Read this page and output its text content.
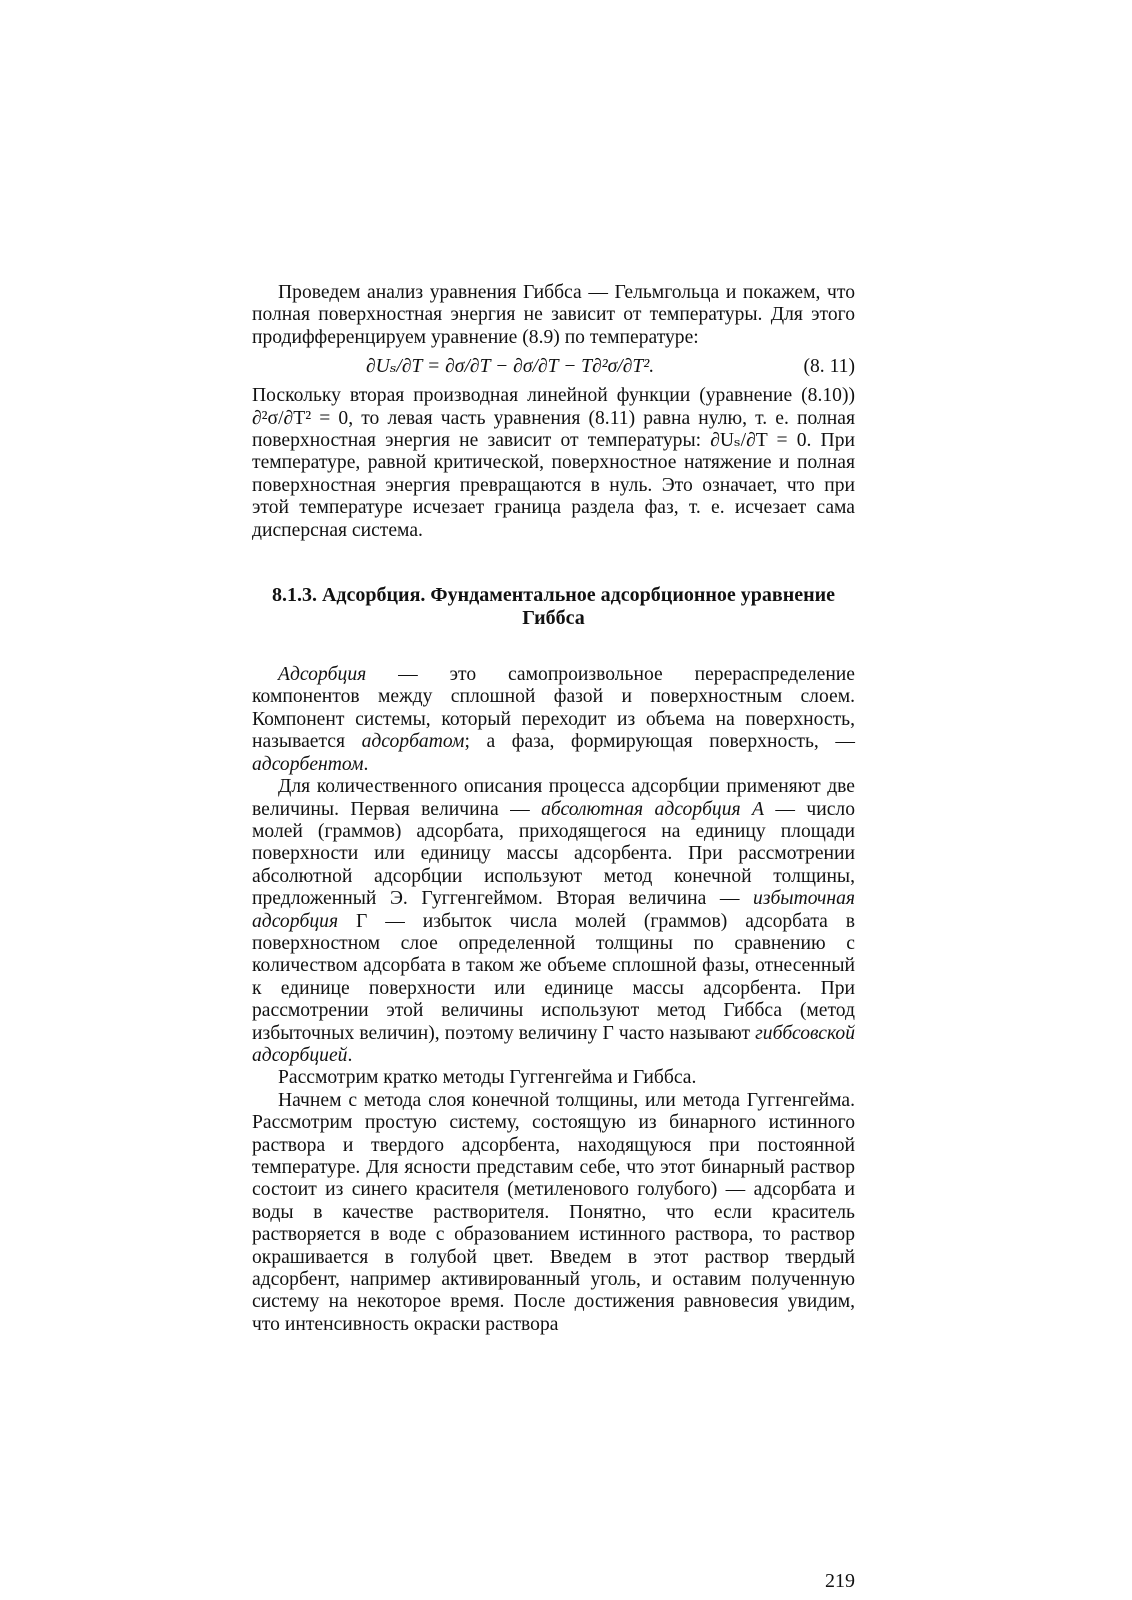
Проведем анализ уравнения Гиббса — Гельмгольца и покажем, что полная поверхностная энергия не зависит от температуры. Для этого продифференцируем уравнение (8.9) по температуре:

∂Uₛ/∂T = ∂σ/∂T − ∂σ/∂T − T∂²σ/∂T².	(8. 11)

Поскольку вторая производная линейной функции (уравнение (8.10)) ∂²σ/∂T² = 0, то левая часть уравнения (8.11) равна нулю, т. е. полная поверхностная энергия не зависит от температуры: ∂Uₛ/∂T = 0. При температуре, равной критической, поверхностное натяжение и полная поверхностная энергия превращаются в нуль. Это означает, что при этой температуре исчезает граница раздела фаз, т. е. исчезает сама дисперсная система.

8.1.3. Адсорбция. Фундаментальное адсорбционное уравнение
Гиббса

Адсорбция — это самопроизвольное перераспределение компонентов между сплошной фазой и поверхностным слоем. Компонент системы, который переходит из объема на поверхность, называется адсорбатом; а фаза, формирующая поверхность, — адсорбентом.

Для количественного описания процесса адсорбции применяют две величины. Первая величина — абсолютная адсорбция A — число молей (граммов) адсорбата, приходящегося на единицу площади поверхности или единицу массы адсорбента. При рассмотрении абсолютной адсорбции используют метод конечной толщины, предложенный Э. Гуггенгеймом. Вторая величина — избыточная адсорбция Г — избыток числа молей (граммов) адсорбата в поверхностном слое определенной толщины по сравнению с количеством адсорбата в таком же объеме сплошной фазы, отнесенный к единице поверхности или единице массы адсорбента. При рассмотрении этой величины используют метод Гиббса (метод избыточных величин), поэтому величину Г часто называют гиббсовской адсорбцией.

Рассмотрим кратко методы Гуггенгейма и Гиббса.

Начнем с метода слоя конечной толщины, или метода Гуггенгейма. Рассмотрим простую систему, состоящую из бинарного истинного раствора и твердого адсорбента, находящуюся при постоянной температуре. Для ясности представим себе, что этот бинарный раствор состоит из синего красителя (метиленового голубого) — адсорбата и воды в качестве растворителя. Понятно, что если краситель растворяется в воде с образованием истинного раствора, то раствор окрашивается в голубой цвет. Введем в этот раствор твердый адсорбент, например активированный уголь, и оставим полученную систему на некоторое время. После достижения равновесия увидим, что интенсивность окраски раствора

219
